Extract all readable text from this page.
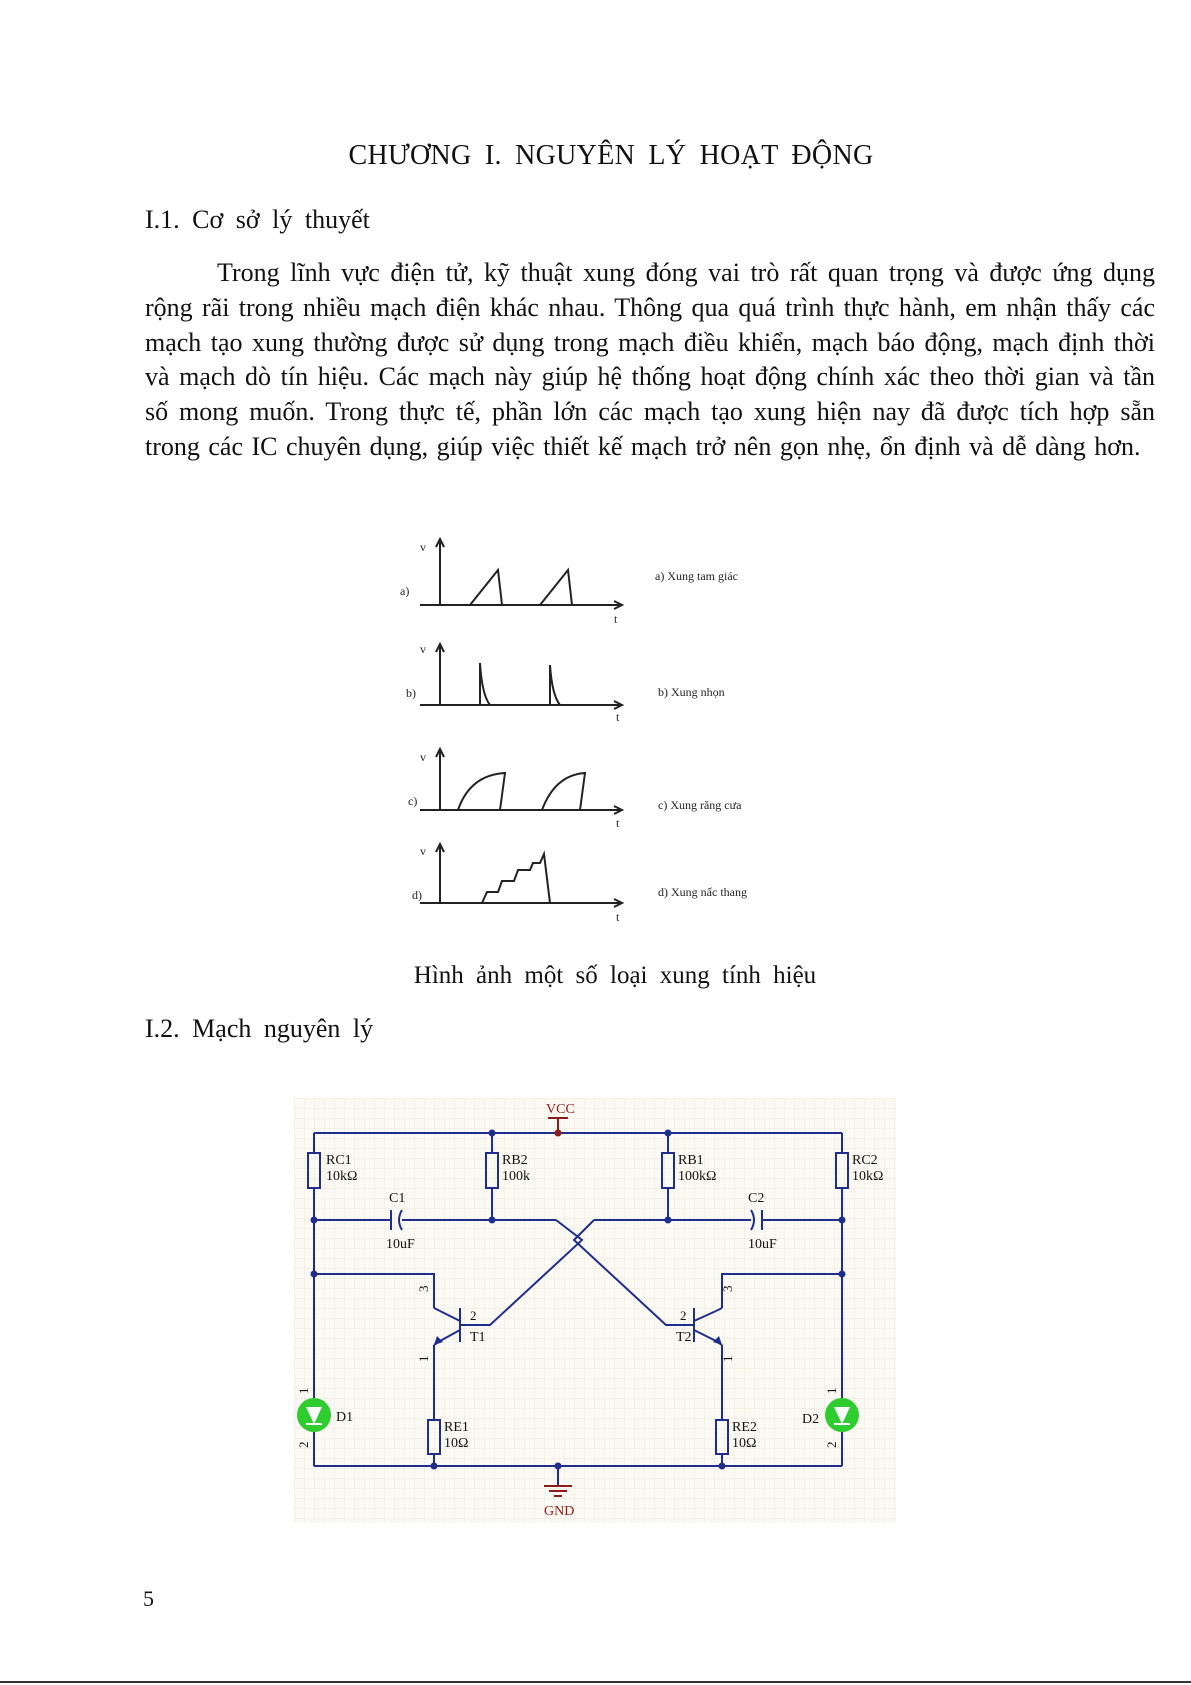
CHƯƠNG I. NGUYÊN LÝ HOẠT ĐỘNG
I.1. Cơ sở lý thuyết

Trong lĩnh vực điện tử, kỹ thuật xung đóng vai trò rất quan trọng và được ứng dụng rộng rãi trong nhiều mạch điện khác nhau. Thông qua quá trình thực hành, em nhận thấy các mạch tạo xung thường được sử dụng trong mạch điều khiển, mạch báo động, mạch định thời và mạch dò tín hiệu. Các mạch này giúp hệ thống hoạt động chính xác theo thời gian và tần số mong muốn. Trong thực tế, phần lớn các mạch tạo xung hiện nay đã được tích hợp sẵn trong các IC chuyên dụng, giúp việc thiết kế mạch trở nên gọn nhẹ, ổn định và dễ dàng hơn.

v
t
a)
a) Xung tam giác
v
t
b)	b) Xung nhọn
v
t
c)	c) Xung răng cưa
v
t
d)	d) Xung nấc thang

Hình ảnh một số loại xung tính hiệu

I.2. Mạch nguyên lý
RC1
10kΩ
RB2
100k
RB1
100kΩ
RC2
10kΩ
C1
10uF
C2
10uF
T1
2
T2
2
RE1
10Ω
RE2
10Ω
D1	D2
3
1
3
1
1
2
1
2
VCC
GND
5
